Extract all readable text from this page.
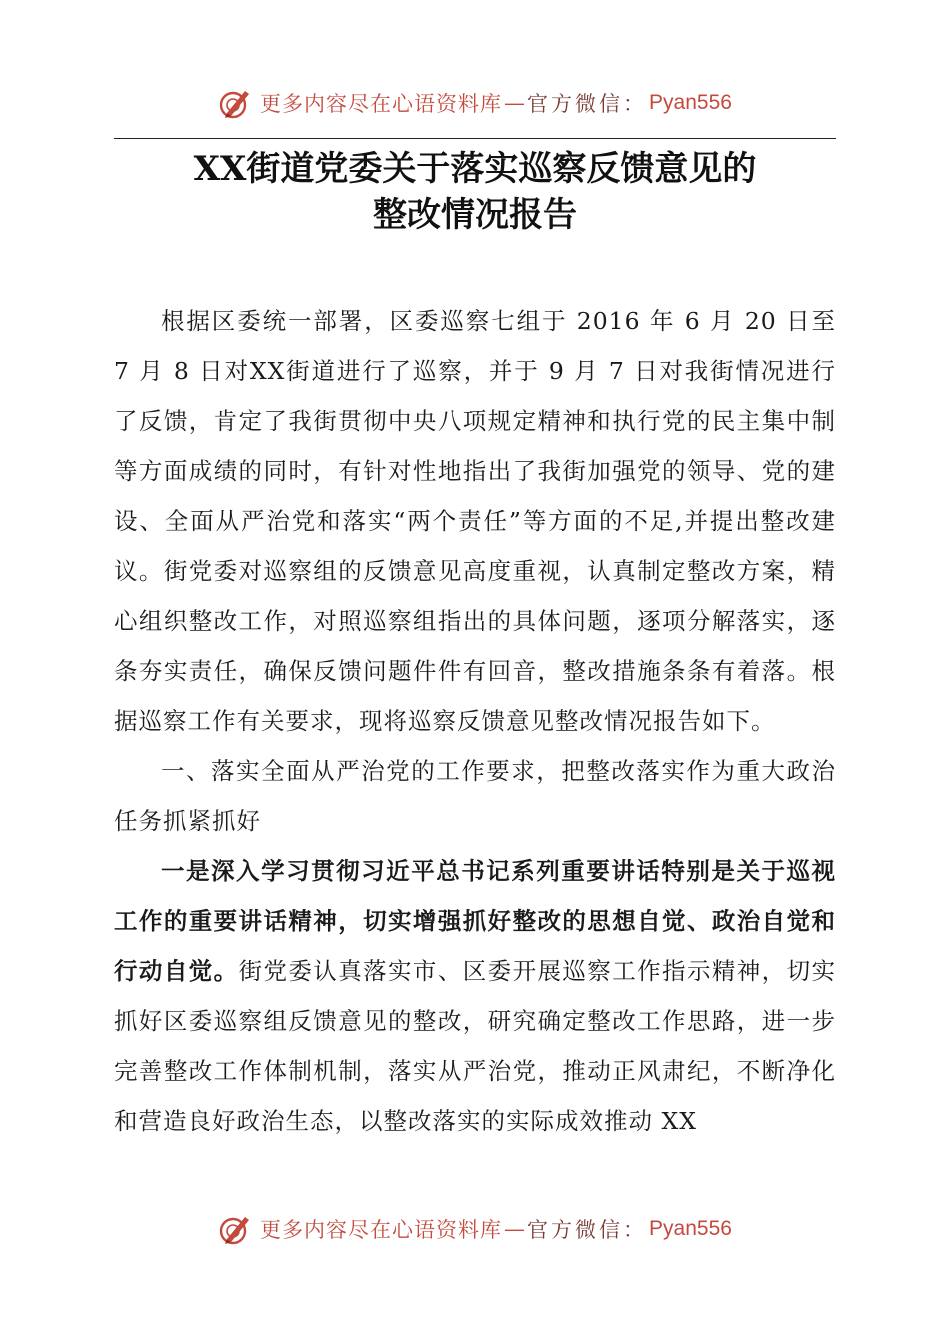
更多内容尽在心语资料库 — 官方微信： Pyan556
XX街道党委关于落实巡察反馈意见的
整改情况报告

根据区委统一部署，区委巡察七组于 2016 年 6 月 20 日至 7 月 8 日对XX街道进行了巡察，并于 9 月 7 日对我街情况进行了反馈，肯定了我街贯彻中央八项规定精神和执行党的民主集中制等方面成绩的同时，有针对性地指出了我街加强党的领导、党的建设、全面从严治党和落实“两个责任”等方面的不足,并提出整改建议。街党委对巡察组的反馈意见高度重视，认真制定整改方案，精心组织整改工作，对照巡察组指出的具体问题，逐项分解落实，逐条夯实责任，确保反馈问题件件有回音，整改措施条条有着落。根据巡察工作有关要求，现将巡察反馈意见整改情况报告如下。

一、落实全面从严治党的工作要求，把整改落实作为重大政治任务抓紧抓好

一是深入学习贯彻习近平总书记系列重要讲话特别是关于巡视工作的重要讲话精神，切实增强抓好整改的思想自觉、政治自觉和行动自觉。街党委认真落实市、区委开展巡察工作指示精神，切实抓好区委巡察组反馈意见的整改，研究确定整改工作思路，进一步完善整改工作体制机制，落实从严治党，推动正风肃纪，不断净化和营造良好政治生态，以整改落实的实际成效推动 XX

更多内容尽在心语资料库 — 官方微信： Pyan556
